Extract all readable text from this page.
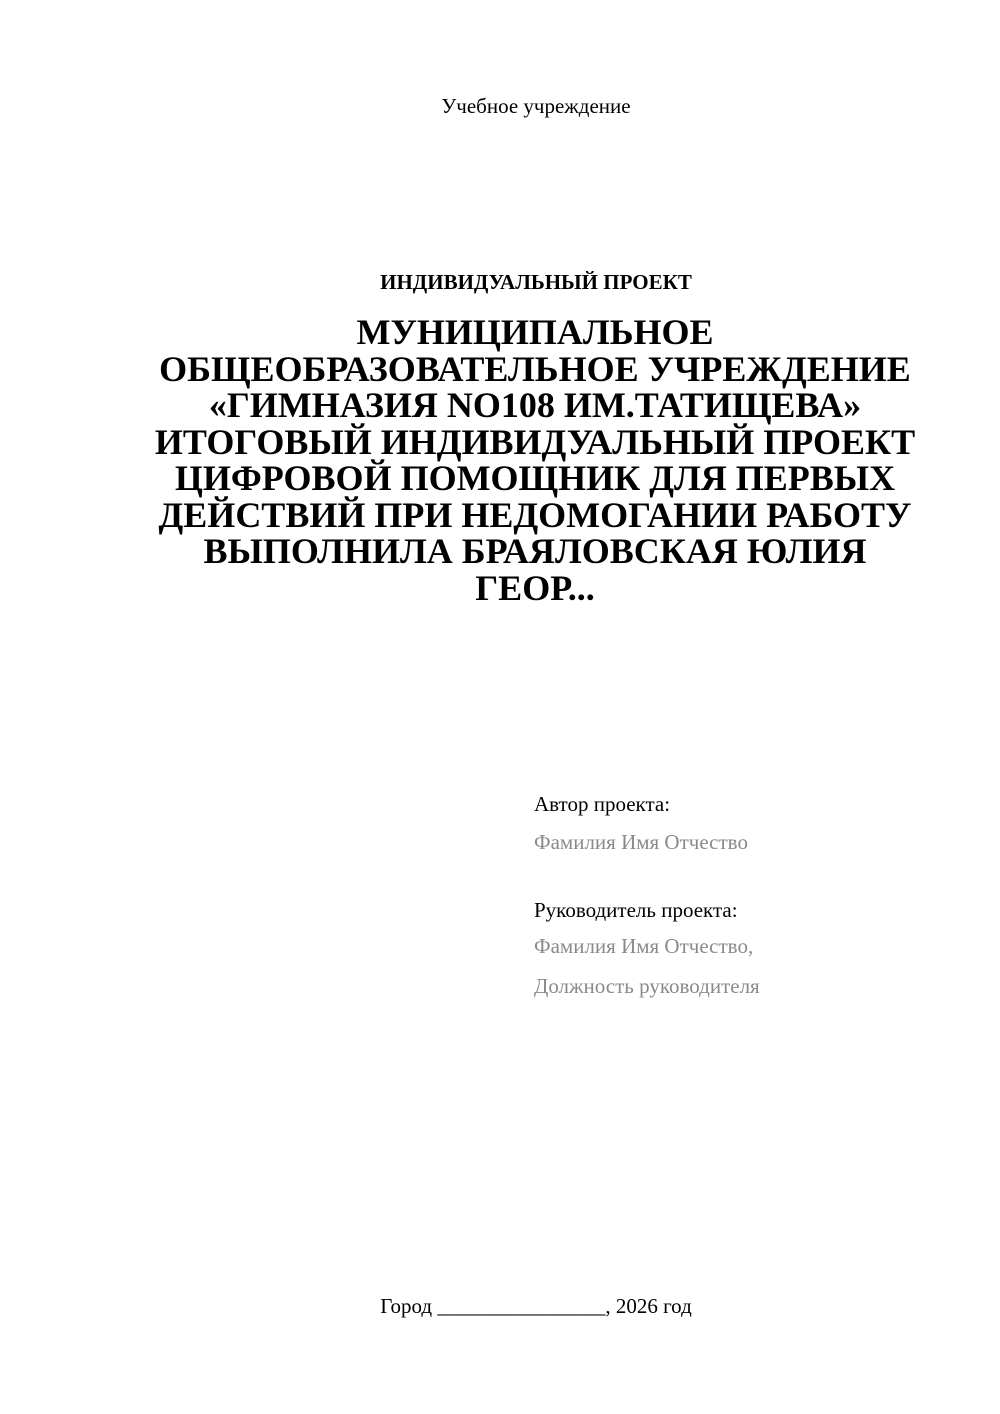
Учебное учреждение
ИНДИВИДУАЛЬНЫЙ ПРОЕКТ
МУНИЦИПАЛЬНОЕ ОБЩЕОБРАЗОВАТЕЛЬНОЕ УЧРЕЖДЕНИЕ «ГИМНАЗИЯ NO108 ИМ.ТАТИЩЕВА» ИТОГОВЫЙ ИНДИВИДУАЛЬНЫЙ ПРОЕКТ ЦИФРОВОЙ ПОМОЩНИК ДЛЯ ПЕРВЫХ ДЕЙСТВИЙ ПРИ НЕДОМОГАНИИ РАБОТУ ВЫПОЛНИЛА БРАЯЛОВСКАЯ ЮЛИЯ ГЕОР...
Автор проекта:
Фамилия Имя Отчество
Руководитель проекта:
Фамилия Имя Отчество,
Должность руководителя
Город ________________, 2026 год
